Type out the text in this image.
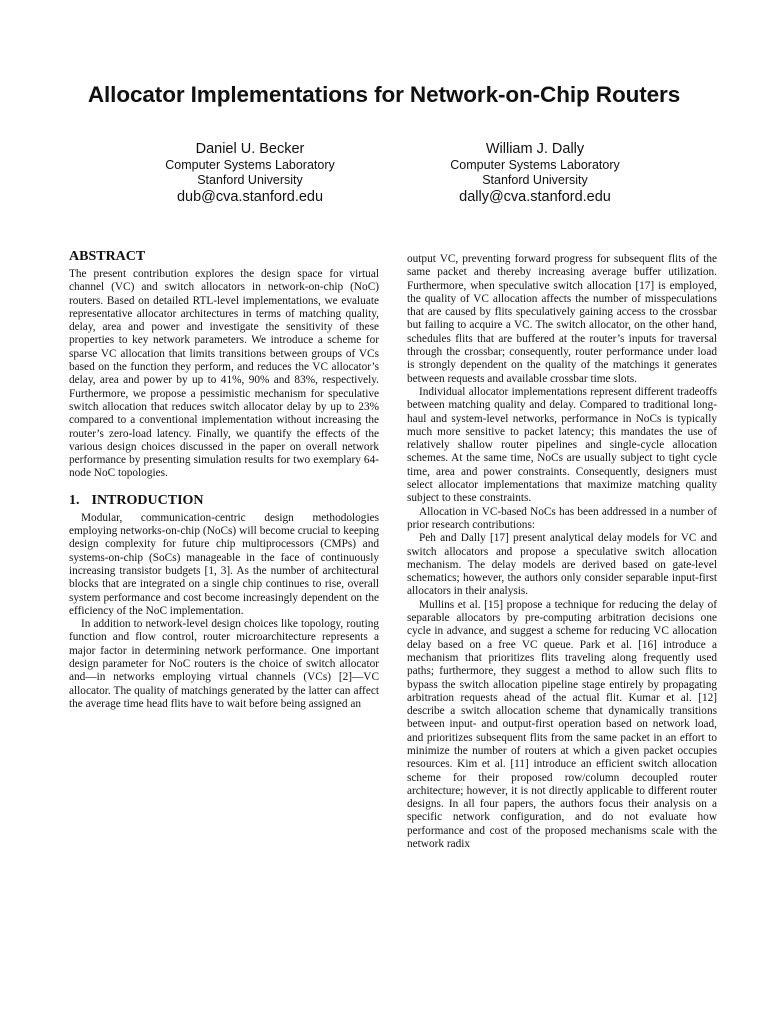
Allocator Implementations for Network-on-Chip Routers
Daniel U. Becker
Computer Systems Laboratory
Stanford University
dub@cva.stanford.edu
William J. Dally
Computer Systems Laboratory
Stanford University
dally@cva.stanford.edu
ABSTRACT

The present contribution explores the design space for virtual channel (VC) and switch allocators in network-on-chip (NoC) routers. Based on detailed RTL-level implementations, we evaluate representative allocator architectures in terms of matching quality, delay, area and power and investigate the sensitivity of these properties to key network parameters. We introduce a scheme for sparse VC allocation that limits transitions between groups of VCs based on the function they perform, and reduces the VC allocator’s delay, area and power by up to 41%, 90% and 83%, respectively. Furthermore, we propose a pessimistic mechanism for speculative switch allocation that reduces switch allocator delay by up to 23% compared to a conventional implementation without increasing the router’s zero-load latency. Finally, we quantify the effects of the various design choices discussed in the paper on overall network performance by presenting simulation results for two exemplary 64-node NoC topologies.

1. INTRODUCTION

Modular, communication-centric design methodologies employing networks-on-chip (NoCs) will become crucial to keeping design complexity for future chip multiprocessors (CMPs) and systems-on-chip (SoCs) manageable in the face of continuously increasing transistor budgets [1, 3]. As the number of architectural blocks that are integrated on a single chip continues to rise, overall system performance and cost become increasingly dependent on the efficiency of the NoC implementation.

In addition to network-level design choices like topology, routing function and flow control, router microarchitecture represents a major factor in determining network performance. One important design parameter for NoC routers is the choice of switch allocator and—in networks employing virtual channels (VCs) [2]—VC allocator. The quality of matchings generated by the latter can affect the average time head flits have to wait before being assigned an

output VC, preventing forward progress for subsequent flits of the same packet and thereby increasing average buffer utilization. Furthermore, when speculative switch allocation [17] is employed, the quality of VC allocation affects the number of misspeculations that are caused by flits speculatively gaining access to the crossbar but failing to acquire a VC. The switch allocator, on the other hand, schedules flits that are buffered at the router’s inputs for traversal through the crossbar; consequently, router performance under load is strongly dependent on the quality of the matchings it generates between requests and available crossbar time slots.

Individual allocator implementations represent different tradeoffs between matching quality and delay. Compared to traditional long-haul and system-level networks, performance in NoCs is typically much more sensitive to packet latency; this mandates the use of relatively shallow router pipelines and single-cycle allocation schemes. At the same time, NoCs are usually subject to tight cycle time, area and power constraints. Consequently, designers must select allocator implementations that maximize matching quality subject to these constraints.

Allocation in VC-based NoCs has been addressed in a number of prior research contributions:

Peh and Dally [17] present analytical delay models for VC and switch allocators and propose a speculative switch allocation mechanism. The delay models are derived based on gate-level schematics; however, the authors only consider separable input-first allocators in their analysis.

Mullins et al. [15] propose a technique for reducing the delay of separable allocators by pre-computing arbitration decisions one cycle in advance, and suggest a scheme for reducing VC allocation delay based on a free VC queue. Park et al. [16] introduce a mechanism that prioritizes flits traveling along frequently used paths; furthermore, they suggest a method to allow such flits to bypass the switch allocation pipeline stage entirely by propagating arbitration requests ahead of the actual flit. Kumar et al. [12] describe a switch allocation scheme that dynamically transitions between input- and output-first operation based on network load, and prioritizes subsequent flits from the same packet in an effort to minimize the number of routers at which a given packet occupies resources. Kim et al. [11] introduce an efficient switch allocation scheme for their proposed row/column decoupled router architecture; however, it is not directly applicable to different router designs. In all four papers, the authors focus their analysis on a specific network configuration, and do not evaluate how performance and cost of the proposed mechanisms scale with the network radix
